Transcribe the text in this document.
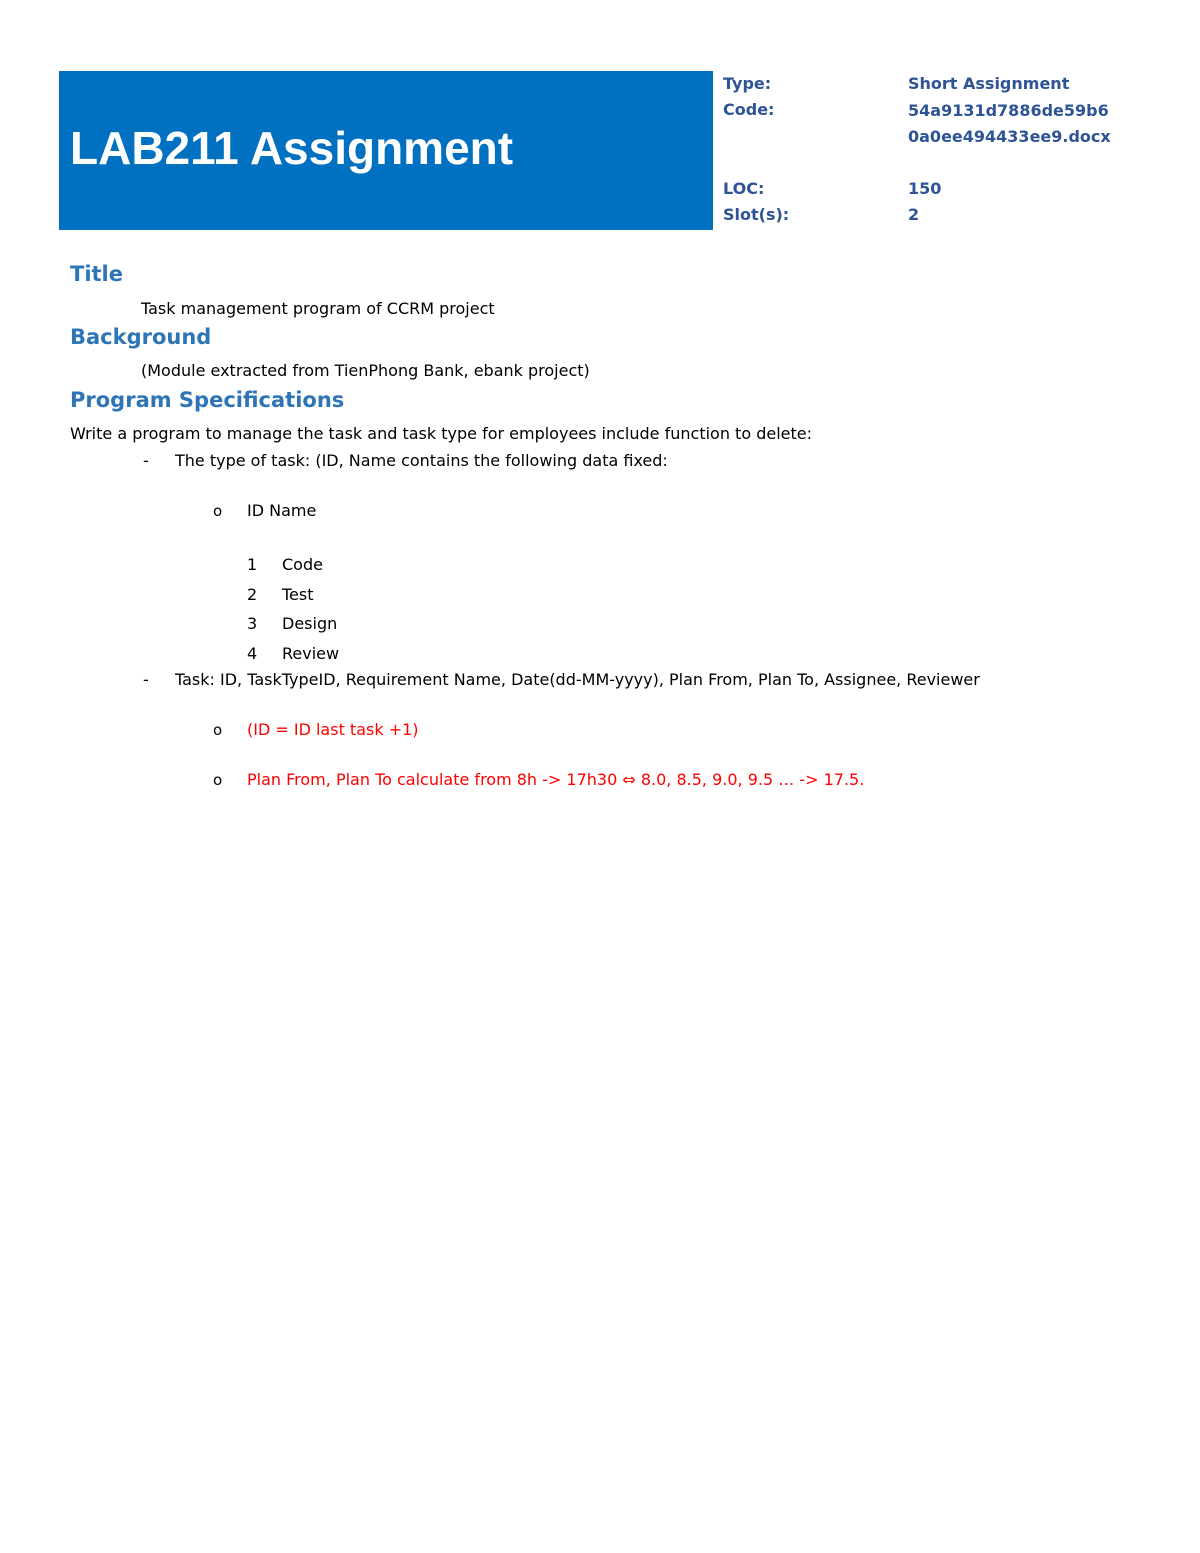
LAB211 Assignment
Type:	Short Assignment
Code:	54a9131d7886de59b60a0ee494433ee9.docx
LOC:	150
Slot(s):	2
Title
Task management program of CCRM project
Background
(Module extracted from TienPhong Bank, ebank project)
Program Specifications
Write a program to manage the task and task type for employees include function to delete:
- The type of task: (ID, Name contains the following data fixed:
o ID Name
1 Code
2 Test
3 Design
4 Review
- Task: ID, TaskTypeID, Requirement Name, Date(dd-MM-yyyy), Plan From, Plan To, Assignee, Reviewer
o (ID = ID last task +1)
o Plan From, Plan To calculate from 8h -> 17h30 ⇔ 8.0, 8.5, 9.0, 9.5 … -> 17.5.
